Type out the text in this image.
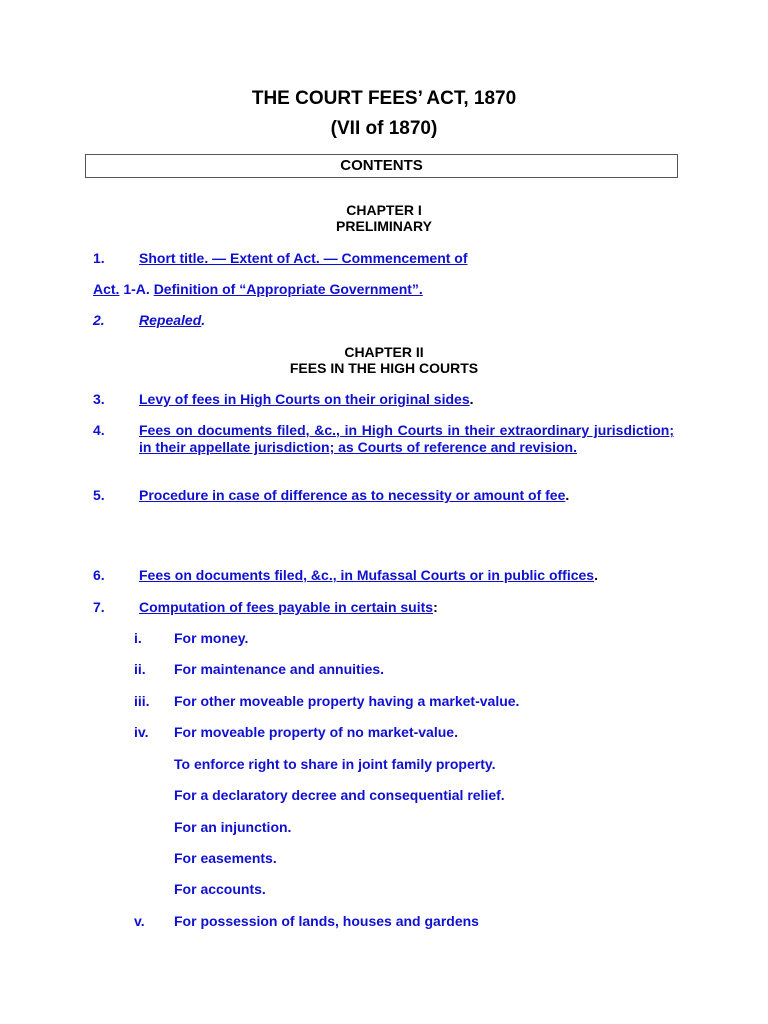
THE COURT FEES’ ACT, 1870
(VII of 1870)
CONTENTS
CHAPTER I
PRELIMINARY
1. Short title. — Extent of Act. — Commencement of
Act. 1-A. Definition of “Appropriate Government”.
2. Repealed.
CHAPTER II
FEES IN THE HIGH COURTS
3. Levy of fees in High Courts on their original sides.
4. Fees on documents filed, &c., in High Courts in their extraordinary jurisdiction; in their appellate jurisdiction; as Courts of reference and revision.
5. Procedure in case of difference as to necessity or amount of fee.
6. Fees on documents filed, &c., in Mufassal Courts or in public offices.
7. Computation of fees payable in certain suits:
i. For money.
ii. For maintenance and annuities.
iii. For other moveable property having a market-value.
iv. For moveable property of no market-value.
To enforce right to share in joint family property.
For a declaratory decree and consequential relief.
For an injunction.
For easements.
For accounts.
v. For possession of lands, houses and gardens
